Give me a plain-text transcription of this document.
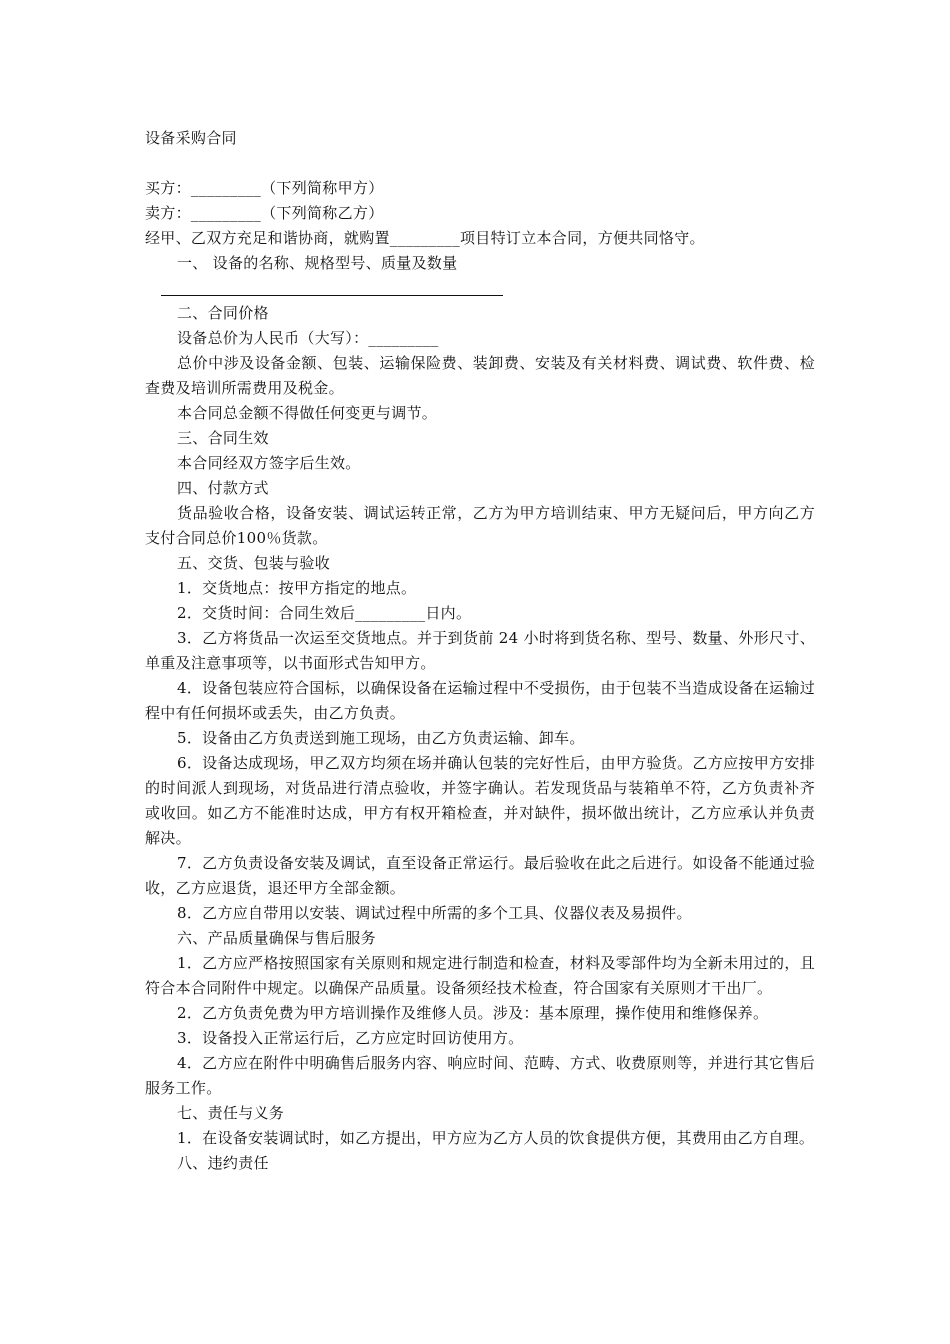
设备采购合同

买方：_________（下列简称甲方）

卖方：_________（下列简称乙方）

经甲、乙双方充足和谐协商，就购置_________项目特订立本合同，方便共同恪守。

一、 设备的名称、规格型号、质量及数量

二、合同价格

设备总价为人民币（大写）：_________

总价中涉及设备金额、包装、运输保险费、装卸费、安装及有关材料费、调试费、软件费、检查费及培训所需费用及税金。

本合同总金额不得做任何变更与调节。

三、合同生效

本合同经双方签字后生效。

四、付款方式

货品验收合格，设备安装、调试运转正常，乙方为甲方培训结束、甲方无疑问后，甲方向乙方支付合同总价100％货款。

五、交货、包装与验收

1．交货地点：按甲方指定的地点。

2．交货时间：合同生效后_________日内。

3．乙方将货品一次运至交货地点。并于到货前 24 小时将到货名称、型号、数量、外形尺寸、单重及注意事项等，以书面形式告知甲方。

4．设备包装应符合国标，以确保设备在运输过程中不受损伤，由于包装不当造成设备在运输过程中有任何损坏或丢失，由乙方负责。

5．设备由乙方负责送到施工现场，由乙方负责运输、卸车。

6．设备达成现场，甲乙双方均须在场并确认包装的完好性后，由甲方验货。乙方应按甲方安排的时间派人到现场，对货品进行清点验收，并签字确认。若发现货品与装箱单不符，乙方负责补齐或收回。如乙方不能准时达成，甲方有权开箱检查，并对缺件，损坏做出统计，乙方应承认并负责解决。

7．乙方负责设备安装及调试，直至设备正常运行。最后验收在此之后进行。如设备不能通过验收，乙方应退货，退还甲方全部金额。

8．乙方应自带用以安装、调试过程中所需的多个工具、仪器仪表及易损件。

六、产品质量确保与售后服务

1．乙方应严格按照国家有关原则和规定进行制造和检查，材料及零部件均为全新未用过的，且符合本合同附件中规定。以确保产品质量。设备须经技术检查，符合国家有关原则才干出厂。

2．乙方负责免费为甲方培训操作及维修人员。涉及：基本原理，操作使用和维修保养。

3．设备投入正常运行后，乙方应定时回访使用方。

4．乙方应在附件中明确售后服务内容、响应时间、范畴、方式、收费原则等，并进行其它售后服务工作。

七、责任与义务

1．在设备安装调试时，如乙方提出，甲方应为乙方人员的饮食提供方便，其费用由乙方自理。

八、违约责任
